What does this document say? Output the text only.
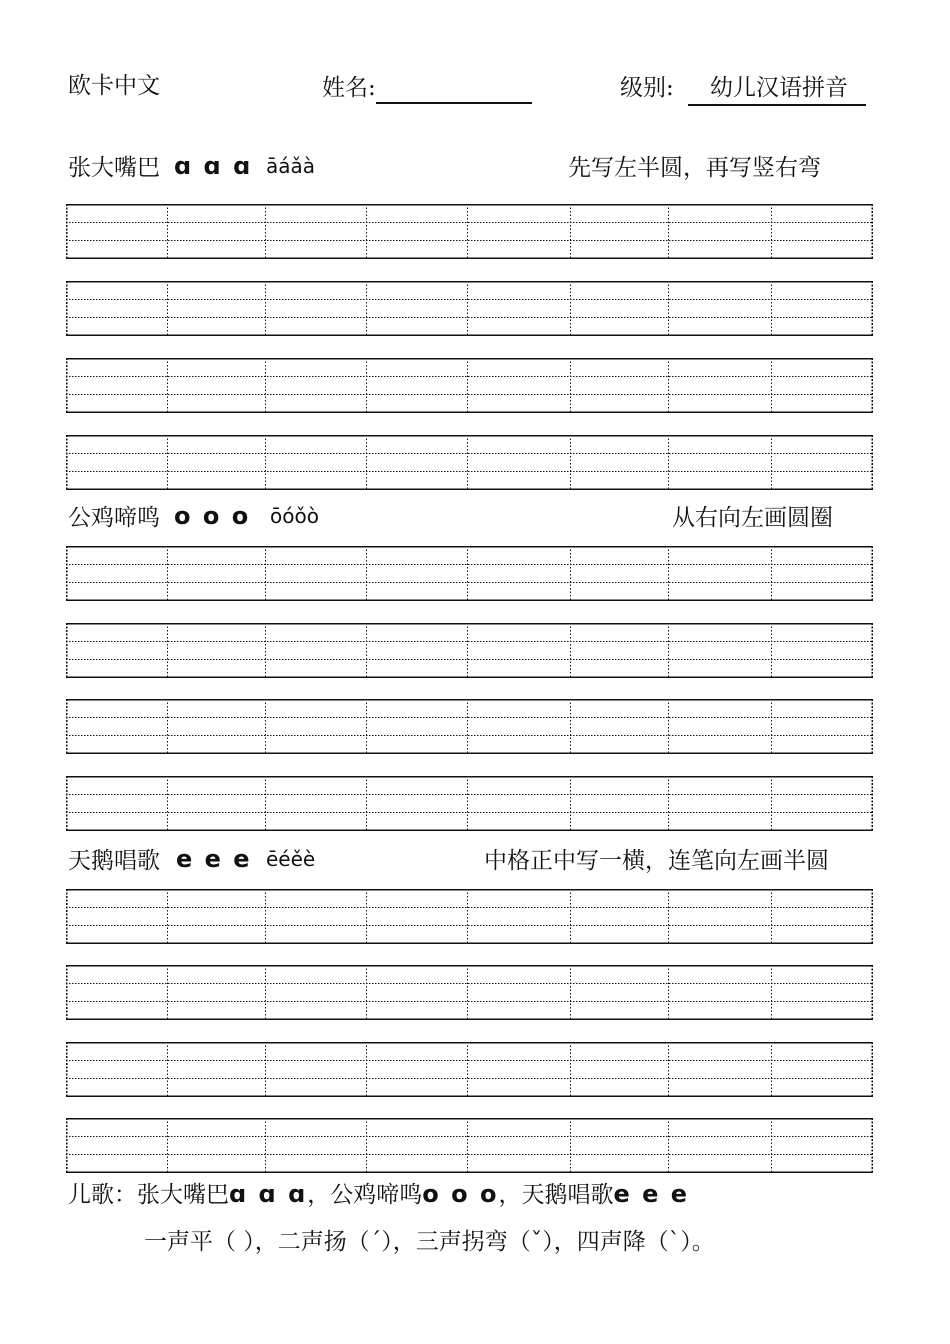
欧卡中文	姓名:	级别: 幼儿汉语拼音
张大嘴巴 ɑ ɑ ɑ āáǎà	先写左半圆，再写竖右弯
公鸡啼鸣 o o o ōóǒò	从右向左画圆圈
天鹅唱歌 e e e ēéěè	中格正中写一横，连笔向左画半圆
儿歌：张大嘴巴ɑ ɑ ɑ，公鸡啼鸣o o o，天鹅唱歌e e e
一声平（ ），二声扬（ˊ），三声拐弯（ˇ），四声降（ˋ）。
